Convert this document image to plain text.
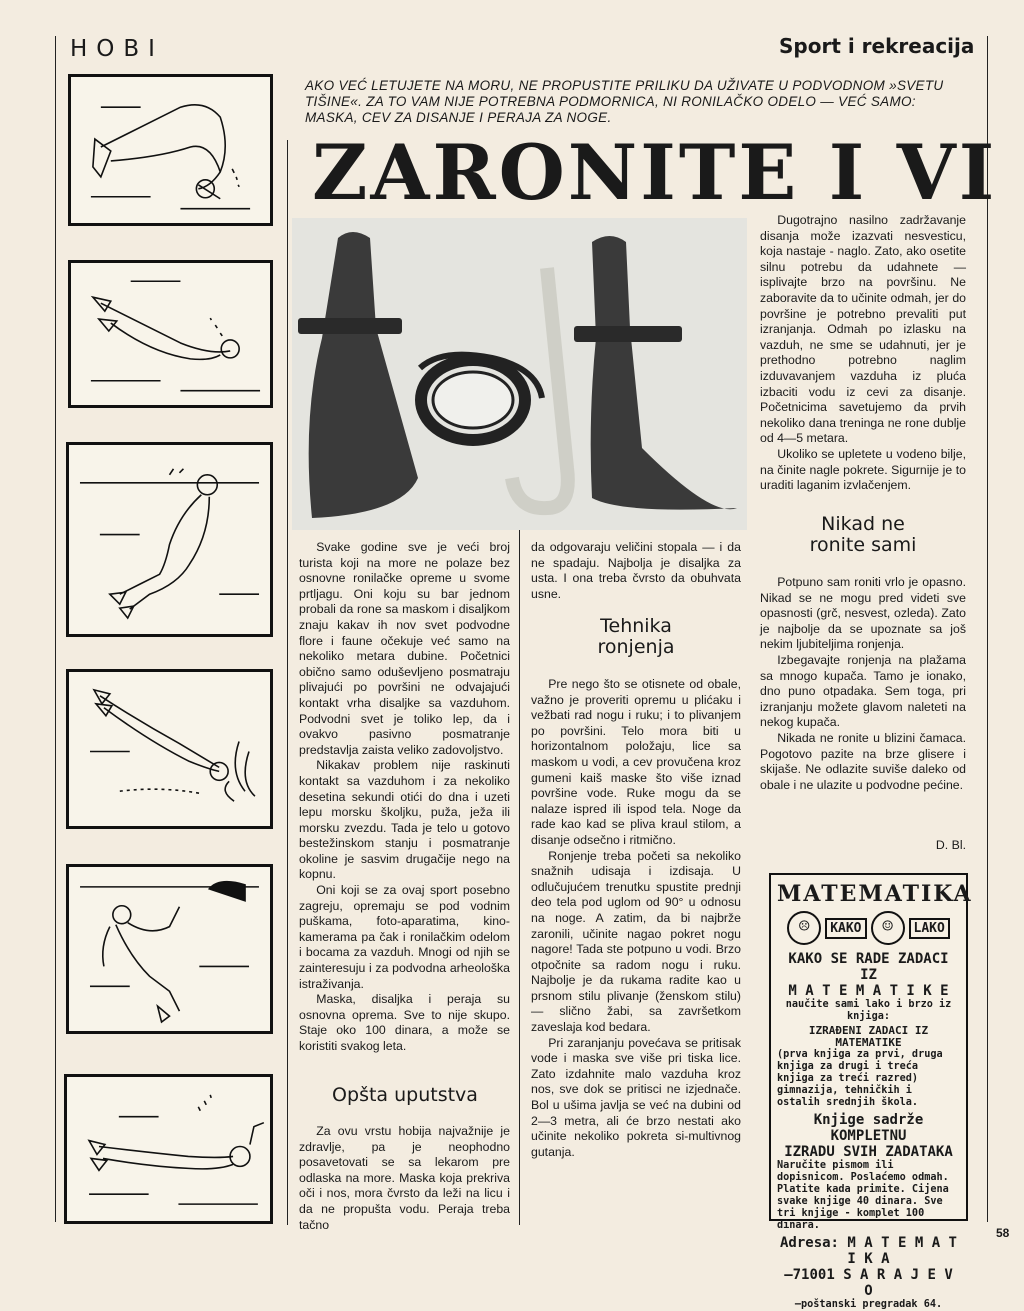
HOBI	Sport i rekreacija
AKO VEĆ LETUJETE NA MORU, NE PROPUSTITE PRILIKU DA UŽIVATE U PODVODNOM »SVETU TIŠINE«. ZA TO VAM NIJE POTREBNA PODMORNICA, NI RONILAČKO ODELO — VEĆ SAMO: MASKA, CEV ZA DISANJE I PERAJA ZA NOGE.
ZARONITE I VI

Svake godine sve je veći broj turista koji na more ne polaze bez osnovne ronilačke opreme u svome prtljagu. Oni koju su bar jednom probali da rone sa maskom i disaljkom znaju kakav ih nov svet podvodne flore i faune očekuje već samo na nekoliko metara dubine. Početnici obično samo oduševljeno posmatraju plivajući po površini ne odvajajući kontakt vrha disaljke sa vazduhom. Podvodni svet je toliko lep, da i ovakvo pasivno posmatranje predstavlja zaista veliko zadovoljstvo.

Nikakav problem nije raskinuti kontakt sa vazduhom i za nekoliko desetina sekundi otići do dna i uzeti lepu morsku školjku, puža, ježa ili morsku zvezdu. Tada je telo u gotovo bestežinskom stanju i posmatranje okoline je sasvim drugačije nego na kopnu.

Oni koji se za ovaj sport posebno zagreju, opremaju se pod vodnim puškama, foto-aparatima, kino-kamerama pa čak i ronilačkim odelom i bocama za vazduh. Mnogi od njih se zainteresuju i za podvodna arheološka istraživanja.

Maska, disaljka i peraja su osnovna oprema. Sve to nije skupo. Staje oko 100 dinara, a može se koristiti svakog leta.

Opšta uputstva

Za ovu vrstu hobija najvažnije je zdravlje, pa je neophodno posavetovati se sa lekarom pre odlaska na more. Maska koja prekriva oči i nos, mora čvrsto da leži na licu i da ne propušta vodu. Peraja treba tačno

da odgovaraju veličini stopala — i da ne spadaju. Najbolja je disaljka za usta. I ona treba čvrsto da obuhvata usne.

Tehnika
ronjenja

Pre nego što se otisnete od obale, važno je proveriti opremu u plićaku i vežbati rad nogu i ruku; i to plivanjem po površini. Telo mora biti u horizontalnom položaju, lice sa maskom u vodi, a cev provučena kroz gumeni kaiš maske što višе iznad površine vode. Ruke mogu da se nalaze ispred ili ispod tela. Noge da rade kao kad se pliva kraul stilom, a disanje odsečno i ritmično.

Ronjenje treba početi sa nekoliko snažnih udisaja i izdisaja. U odlučujućem trenutku spustite prednji deo tela pod uglom od 90° u odnosu na noge. A zatim, da bi najbrže zaronili, učinite nagao pokret nogu nagore! Tada ste potpuno u vodi. Brzo otpočnite sa radom nogu i ruku. Najbolje je da rukama radite kao u prsnom stilu plivanje (ženskom stilu) — slično žabi, sa završetkom zaveslaja kod bedara.

Pri zaranjanju povećava se pritisak vode i maska sve više pri tiska lice. Zato izdahnite malo vazduha kroz nos, sve dok se pritisci ne izjednače. Bol u ušima javlja se već na dubini od 2—3 metra, ali će brzo nestati ako učinite nekoliko pokreta si-multivnog gutanja.

Dugotrajno nasilno zadržavanje disanja može izazvati nesvesticu, koja nastaje - naglo. Zato, ako osetite silnu potrebu da udahnete — isplivajte brzo na površinu. Ne zaboravite da to učinite odmah, jer do površine je potrebno prevaliti put izranjanja. Odmah po izlasku na vazduh, ne sme se udahnuti, jer je prethodno potrebno naglim izduvavanjem vazduha iz pluća izbaciti vodu iz cevi za disanje. Početnicima savetujemo da prvih nekoliko dana treninga ne rone dublje od 4—5 metara.

Ukoliko se upletete u vodeno bilje, na činite nagle pokrete. Sigurnije je to uraditi laganim izvlačenjem.

Nikad ne
ronite sami

Potpuno sam roniti vrlo je opasno. Nikad se ne mogu pred videti sve opasnosti (grč, nesvest, ozleda). Zato je najbolje da se upoznate sa još nekim ljubiteljima ronjenja.

Izbegavajte ronjenja na plažama sa mnogo kupača. Tamo je ionako, dno puno otpadaka. Sem toga, pri izranjanju možete glavom naleteti na nekog kupača.

Nikada ne ronite u blizini čamaca. Pogotovo pazite na brze glisere i skijaše. Ne odlazite suviše daleko od obale i ne ulazite u podvodne pećine.

D. Bl.
MATEMATIKA
☹	KAKO	☺	LAKO
KAKO SE RADE ZADACI IZ
M A T E M A T I K E
naučite sami lako i brzo iz knjiga:
IZRAĐENI ZADACI IZ MATEMATIKE
(prva knjiga za prvi, druga knjiga za drugi i treća knjiga za treći razred) gimnazija, tehničkih i ostalih srednjih škola.
Knjige sadrže KOMPLETNU
IZRADU SVIH ZADATAKA
Naručite pismom ili dopisnicom. Poslaćemo odmah. Platite kada primite. Cijena svake knjige 40 dinara. Sve tri knjige - komplet 100 dinara.
Adresa: M A T E M A T I K A
—71001 S A R A J E V O
—poštanski pregradak 64.
58
